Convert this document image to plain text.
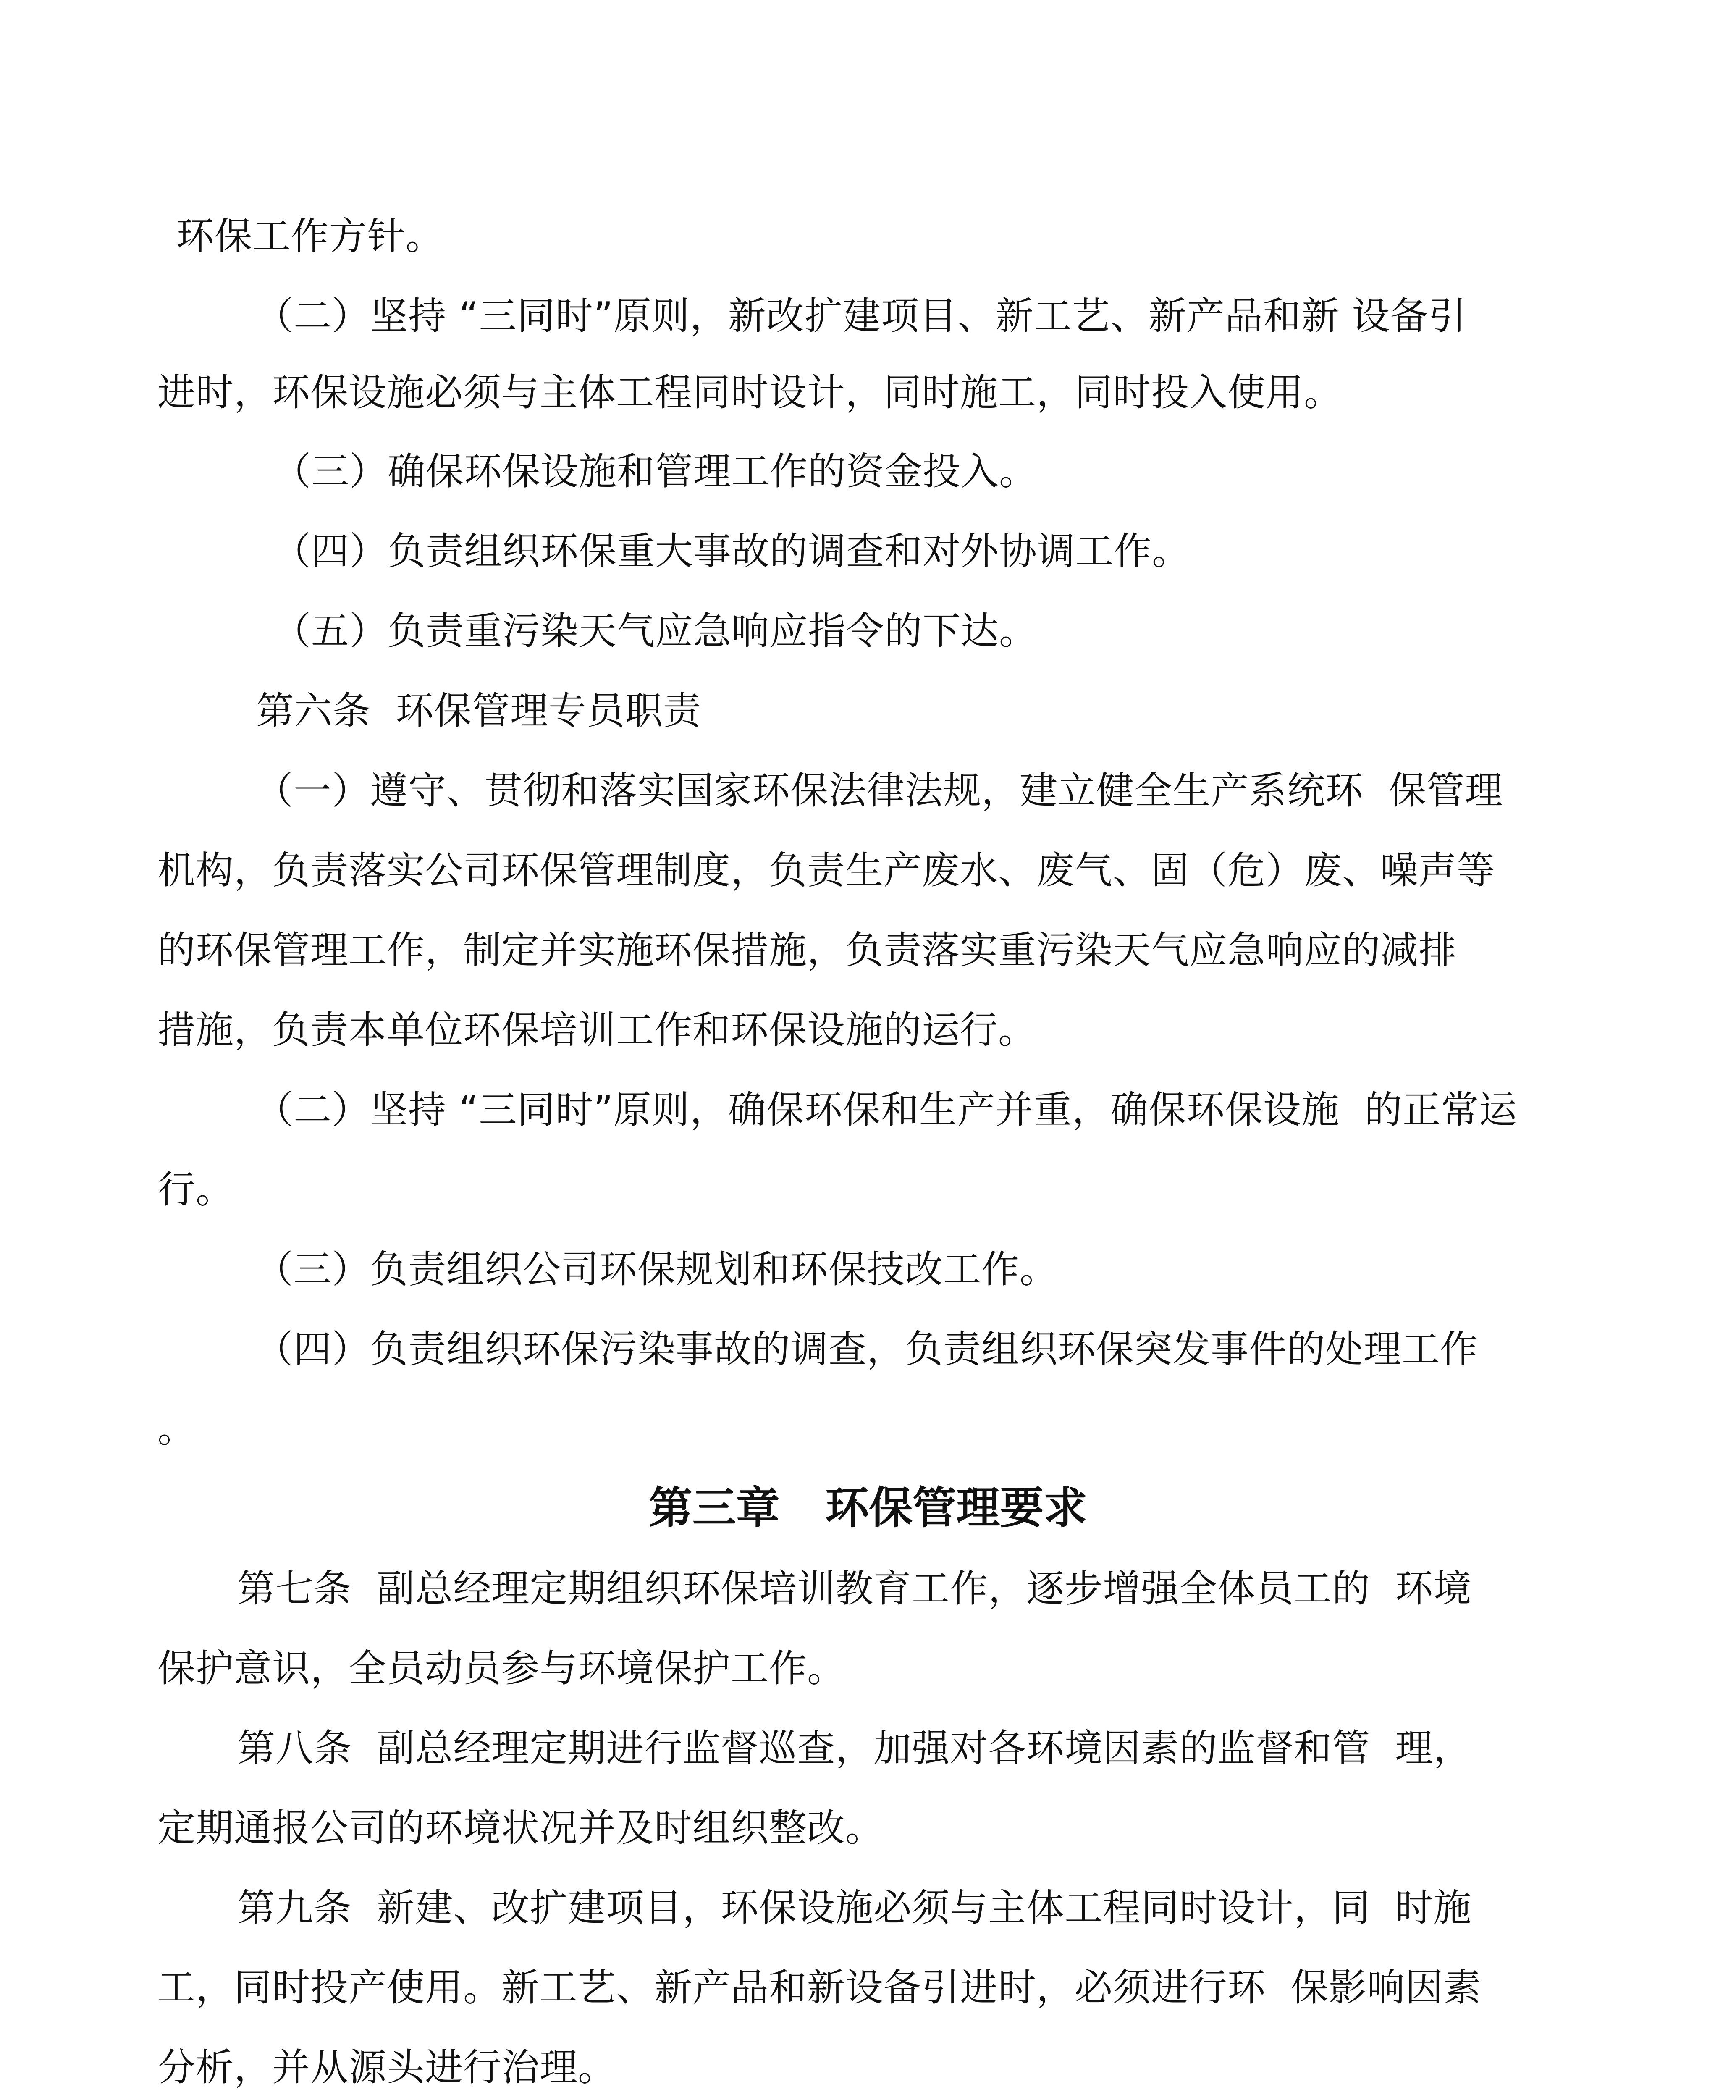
环保工作方针。
（二）坚持 “三同时”原则，新改扩建项目、新工艺、新产品和新 设备引
进时，环保设施必须与主体工程同时设计，同时施工，同时投入使用。
（三）确保环保设施和管理工作的资金投入。
（四）负责组织环保重大事故的调查和对外协调工作。
（五）负责重污染天气应急响应指令的下达。
第六条  环保管理专员职责
（一）遵守、贯彻和落实国家环保法律法规，建立健全生产系统环  保管理
机构，负责落实公司环保管理制度，负责生产废水、废气、固（危）废、噪声等
的环保管理工作，制定并实施环保措施，负责落实重污染天气应急响应的减排
措施，负责本单位环保培训工作和环保设施的运行。
（二）坚持 “三同时”原则，确保环保和生产并重，确保环保设施  的正常运
行。
（三）负责组织公司环保规划和环保技改工作。
（四）负责组织环保污染事故的调查，负责组织环保突发事件的处理工作
。
第三章   环保管理要求
第七条  副总经理定期组织环保培训教育工作，逐步增强全体员工的  环境
保护意识，全员动员参与环境保护工作。
第八条  副总经理定期进行监督巡查，加强对各环境因素的监督和管  理，
定期通报公司的环境状况并及时组织整改。
第九条  新建、改扩建项目，环保设施必须与主体工程同时设计，同  时施
工，同时投产使用。新工艺、新产品和新设备引进时，必须进行环  保影响因素
分析，并从源头进行治理。
